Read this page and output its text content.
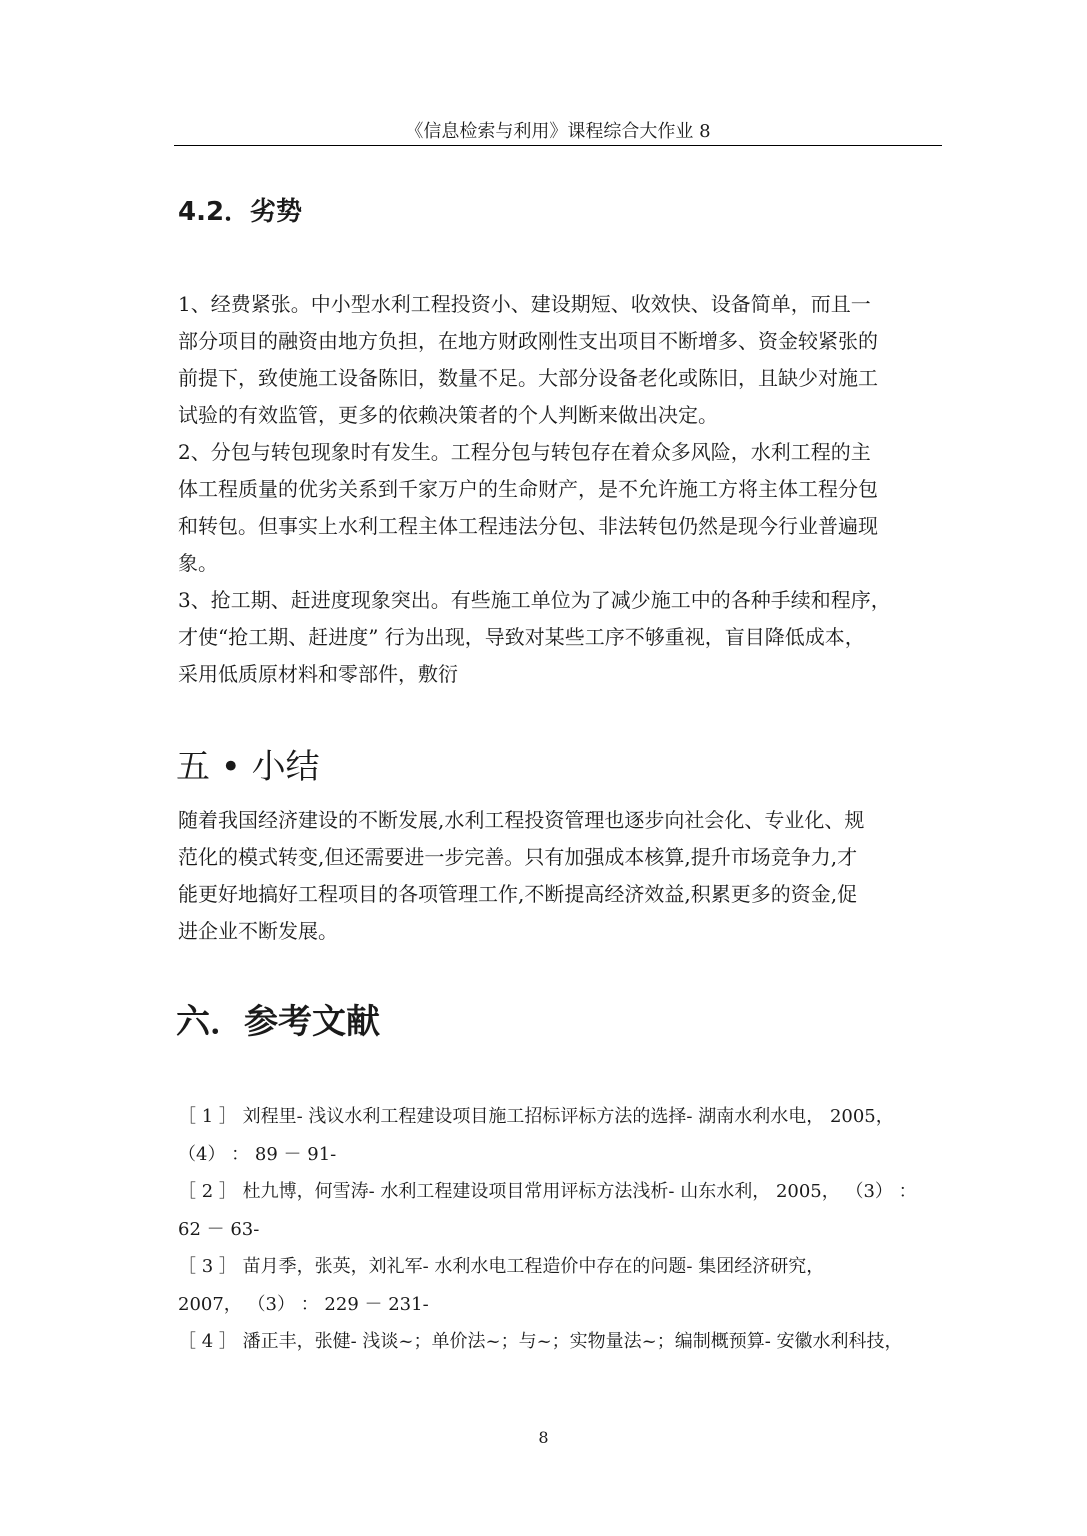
《信息检索与利用》课程综合大作业 8
4.2．劣势

1、经费紧张。中小型水利工程投资小、建设期短、收效快、设备简单，而且一
部分项目的融资由地方负担，在地方财政刚性支出项目不断增多、资金较紧张的
前提下，致使施工设备陈旧，数量不足。大部分设备老化或陈旧，且缺少对施工
试验的有效监管，更多的依赖决策者的个人判断来做出决定。

2、分包与转包现象时有发生。工程分包与转包存在着众多风险，水利工程的主
体工程质量的优劣关系到千家万户的生命财产，是不允许施工方将主体工程分包
和转包。但事实上水利工程主体工程违法分包、非法转包仍然是现今行业普遍现
象。

3、抢工期、赶进度现象突出。有些施工单位为了减少施工中的各种手续和程序，
才使“抢工期、赶进度” 行为出现，导致对某些工序不够重视，盲目降低成本，
采用低质原材料和零部件，敷衍

五 • 小结

随着我国经济建设的不断发展,水利工程投资管理也逐步向社会化、专业化、规
范化的模式转变,但还需要进一步完善。只有加强成本核算,提升市场竞争力,才
能更好地搞好工程项目的各项管理工作,不断提高经济效益,积累更多的资金,促
进企业不断发展。

六．参考文献

［ 1 ］ 刘程里- 浅议水利工程建设项目施工招标评标方法的选择- 湖南水利水电， 2005，
（4） ： 89 － 91-

［ 2 ］ 杜九博，何雪涛- 水利工程建设项目常用评标方法浅析- 山东水利， 2005， （3） ：
62 － 63-

［ 3 ］ 苗月季，张英，刘礼军- 水利水电工程造价中存在的问题- 集团经济研究，
2007， （3） ： 229 － 231-

［ 4 ］ 潘正丰，张健- 浅谈~；单价法~；与~；实物量法~；编制概预算- 安徽水利科技，

8
